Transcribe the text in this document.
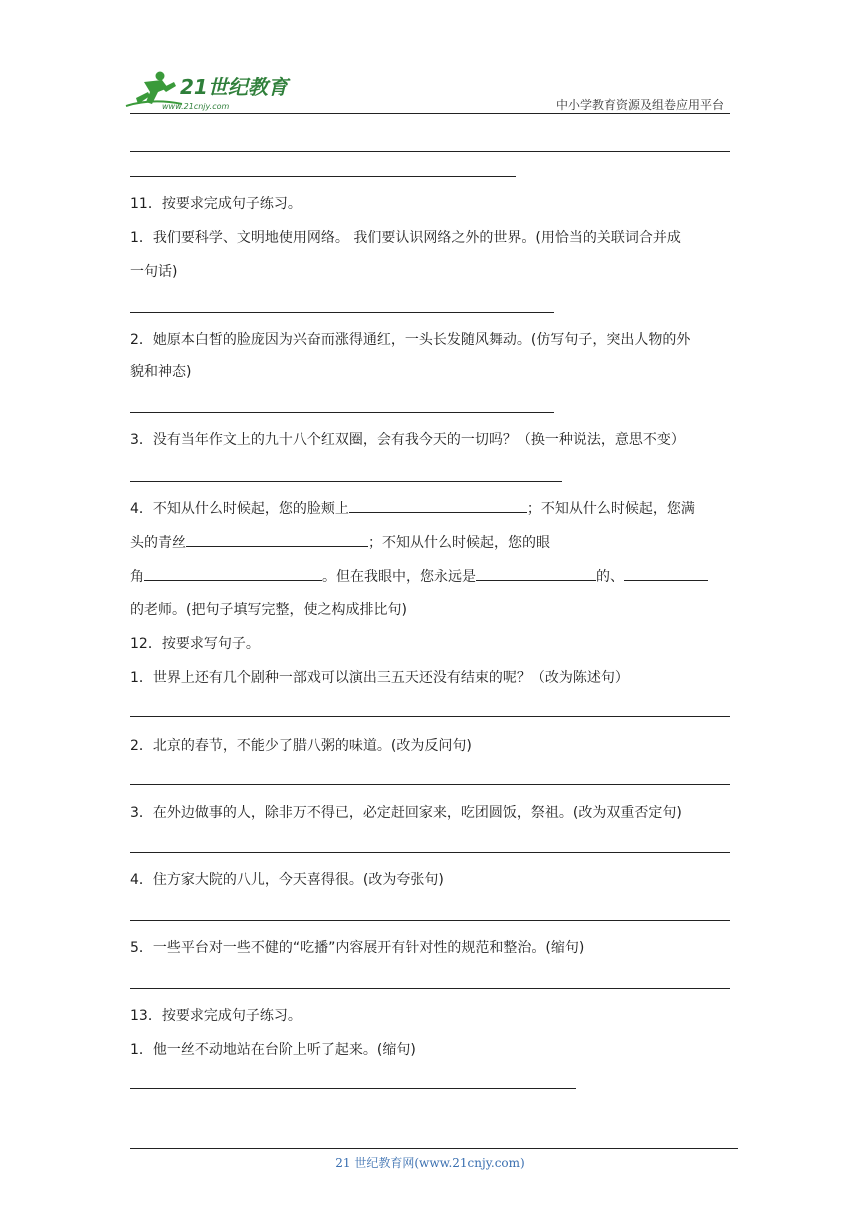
21世纪教育
www.21cnjy.com	中小学教育资源及组卷应用平台
11．按要求完成句子练习。
1．我们要科学、文明地使用网络。 我们要认识网络之外的世界。(用恰当的关联词合并成
一句话)
2．她原本白皙的脸庞因为兴奋而涨得通红，一头长发随风舞动。(仿写句子，突出人物的外
貌和神态)
3．没有当年作文上的九十八个红双圈，会有我今天的一切吗？（换一种说法，意思不变）
4．不知从什么时候起，您的脸颊上	；不知从什么时候起，您满
头的青丝	；不知从什么时候起，您的眼
角	。但在我眼中，您永远是	的、
的老师。(把句子填写完整，使之构成排比句)
12．按要求写句子。
1．世界上还有几个剧种一部戏可以演出三五天还没有结束的呢？（改为陈述句）
2．北京的春节，不能少了腊八粥的味道。(改为反问句)
3．在外边做事的人，除非万不得已，必定赶回家来，吃团圆饭，祭祖。(改为双重否定句)
4．住方家大院的八儿，今天喜得很。(改为夸张句)
5．一些平台对一些不健的“吃播”内容展开有针对性的规范和整治。(缩句)
13．按要求完成句子练习。
1．他一丝不动地站在台阶上听了起来。(缩句)
21 世纪教育网(www.21cnjy.com)
